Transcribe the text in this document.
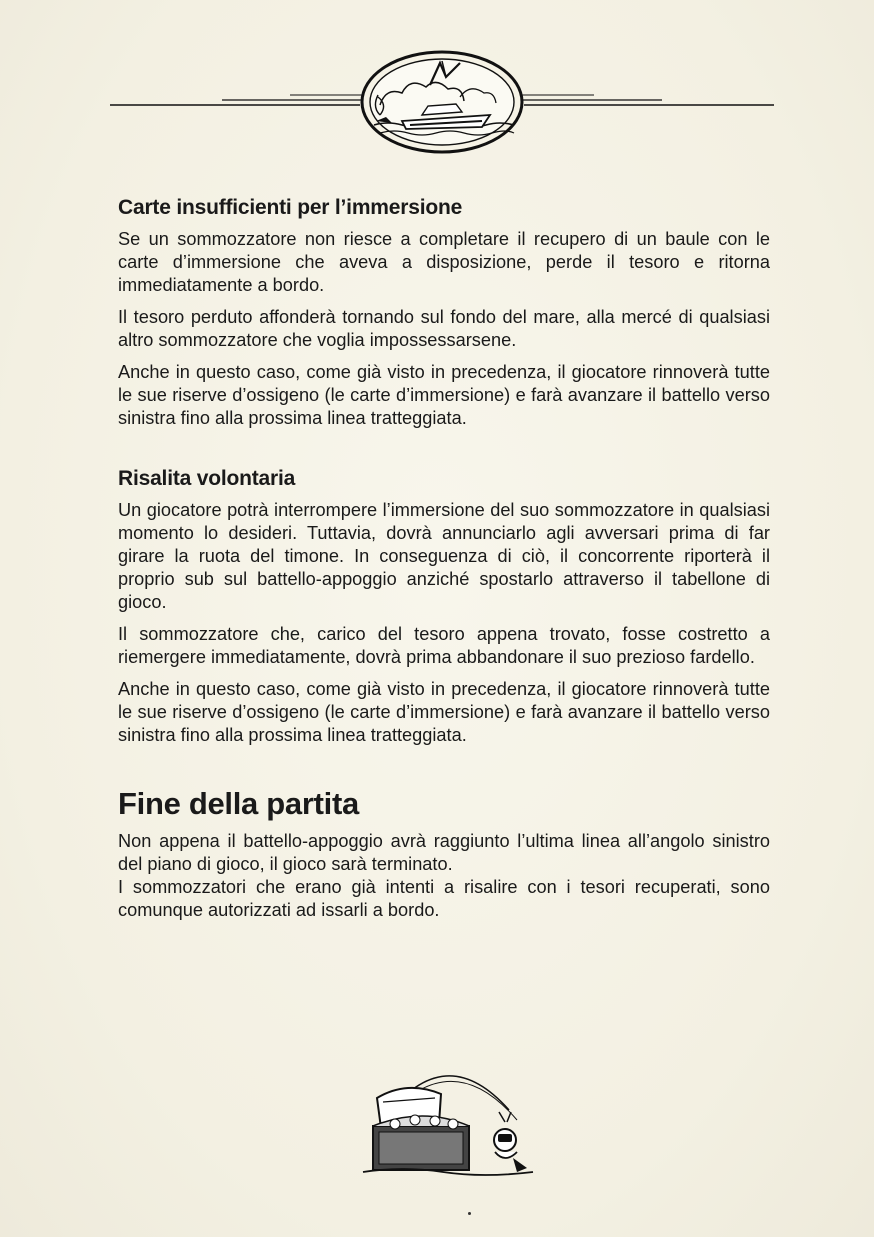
Carte insufficienti per l’immersione

Se un sommozzatore non riesce a completare il recupero di un baule con le carte d’immersione che aveva a disposizione, perde il tesoro e ritorna immediatamente a bordo.

Il tesoro perduto affonderà tornando sul fondo del mare, alla mercé di qualsiasi altro sommozzatore che voglia impossessarsene.

Anche in questo caso, come già visto in precedenza, il giocatore rinnoverà tutte le sue riserve d’ossigeno (le carte d’immersione) e farà avanzare il battello verso sinistra fino alla prossima linea tratteggiata.

Risalita volontaria

Un giocatore potrà interrompere l’immersione del suo sommozzatore in qualsiasi momento lo desideri. Tuttavia, dovrà annunciarlo agli avversari prima di far girare la ruota del timone. In conseguenza di ciò, il concorrente riporterà il proprio sub sul battello-appoggio anziché spostarlo attraverso il tabellone di gioco.

Il sommozzatore che, carico del tesoro appena trovato, fosse costretto a riemergere immediatamente, dovrà prima abbandonare il suo prezioso fardello.

Anche in questo caso, come già visto in precedenza, il giocatore rinnoverà tutte le sue riserve d’ossigeno (le carte d’immersione) e farà avanzare il battello verso sinistra fino alla prossima linea tratteggiata.

Fine della partita

Non appena il battello-appoggio avrà raggiunto l’ultima linea all’angolo sinistro del piano di gioco, il gioco sarà terminato.
I sommozzatori che erano già intenti a risalire con i tesori recuperati, sono comunque autorizzati ad issarli a bordo.
